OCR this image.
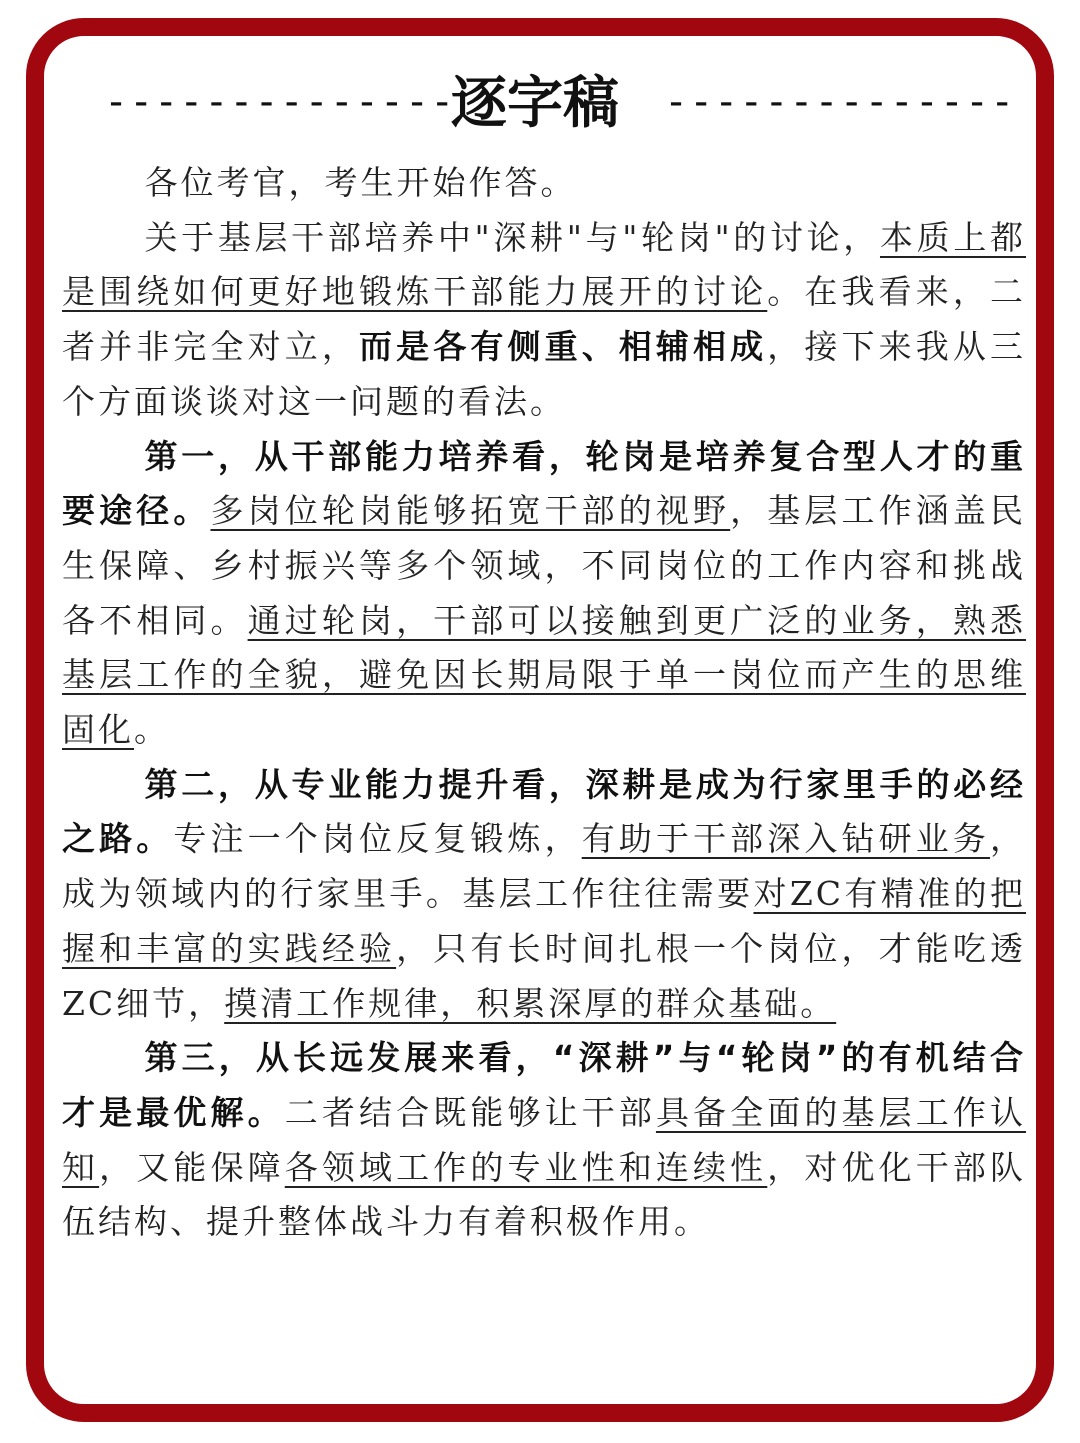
--------------
逐字稿 --------------

各位考官，考生开始作答。

关于基层干部培养中"深耕"与"轮岗"的讨论，本质上都是围绕如何更好地锻炼干部能力展开的讨论。在我看来，二者并非完全对立，而是各有侧重、相辅相成，接下来我从三个方面谈谈对这一问题的看法。

第一，从干部能力培养看，轮岗是培养复合型人才的重要途径。多岗位轮岗能够拓宽干部的视野，基层工作涵盖民生保障、乡村振兴等多个领域，不同岗位的工作内容和挑战各不相同。通过轮岗，干部可以接触到更广泛的业务，熟悉基层工作的全貌，避免因长期局限于单一岗位而产生的思维固化。

第二，从专业能力提升看，深耕是成为行家里手的必经之路。专注一个岗位反复锻炼，有助于干部深入钻研业务，成为领域内的行家里手。基层工作往往需要对ZC有精准的把握和丰富的实践经验，只有长时间扎根一个岗位，才能吃透ZC细节，摸清工作规律，积累深厚的群众基础。

第三，从长远发展来看，“深耕”与“轮岗”的有机结合才是最优解。二者结合既能够让干部具备全面的基层工作认知，又能保障各领域工作的专业性和连续性，对优化干部队伍结构、提升整体战斗力有着积极作用。
